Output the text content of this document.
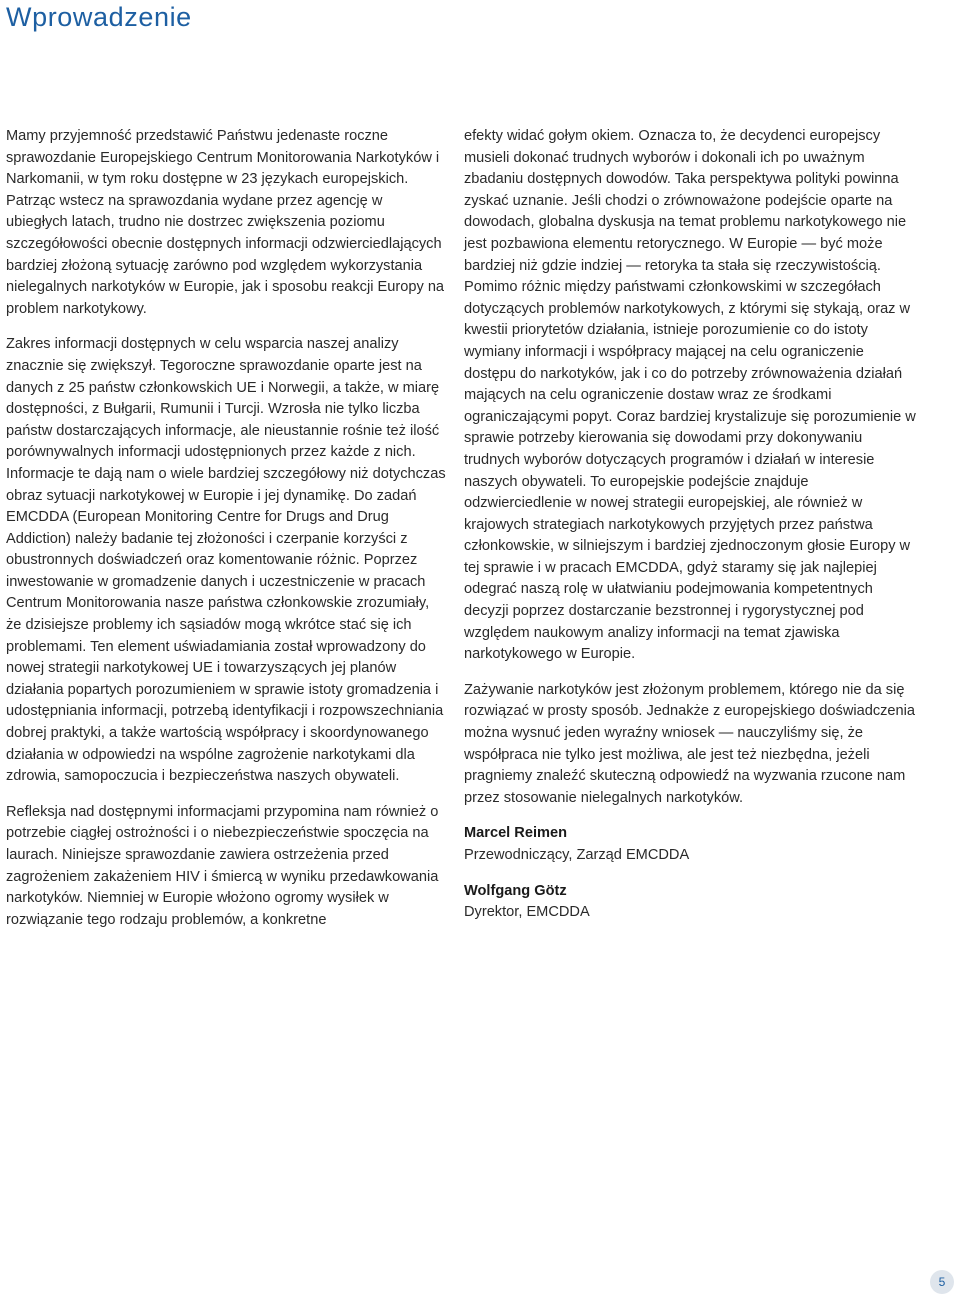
Wprowadzenie

Mamy przyjemność przedstawić Państwu jedenaste roczne sprawozdanie Europejskiego Centrum Monitorowania Narkotyków i Narkomanii, w tym roku dostępne w 23 językach europejskich. Patrząc wstecz na sprawozdania wydane przez agencję w ubiegłych latach, trudno nie dostrzec zwiększenia poziomu szczegółowości obecnie dostępnych informacji odzwierciedlających bardziej złożoną sytuację zarówno pod względem wykorzystania nielegalnych narkotyków w Europie, jak i sposobu reakcji Europy na problem narkotykowy.

Zakres informacji dostępnych w celu wsparcia naszej analizy znacznie się zwiększył. Tegoroczne sprawozdanie oparte jest na danych z 25 państw członkowskich UE i Norwegii, a także, w miarę dostępności, z Bułgarii, Rumunii i Turcji. Wzrosła nie tylko liczba państw dostarczających informacje, ale nieustannie rośnie też ilość porównywalnych informacji udostępnionych przez każde z nich. Informacje te dają nam o wiele bardziej szczegółowy niż dotychczas obraz sytuacji narkotykowej w Europie i jej dynamikę. Do zadań EMCDDA (European Monitoring Centre for Drugs and Drug Addiction) należy badanie tej złożoności i czerpanie korzyści z obustronnych doświadczeń oraz komentowanie różnic. Poprzez inwestowanie w gromadzenie danych i uczestniczenie w pracach Centrum Monitorowania nasze państwa członkowskie zrozumiały, że dzisiejsze problemy ich sąsiadów mogą wkrótce stać się ich problemami. Ten element uświadamiania został wprowadzony do nowej strategii narkotykowej UE i towarzyszących jej planów działania popartych porozumieniem w sprawie istoty gromadzenia i udostępniania informacji, potrzebą identyfikacji i rozpowszechniania dobrej praktyki, a także wartością współpracy i skoordynowanego działania w odpowiedzi na wspólne zagrożenie narkotykami dla zdrowia, samopoczucia i bezpieczeństwa naszych obywateli.

Refleksja nad dostępnymi informacjami przypomina nam również o potrzebie ciągłej ostrożności i o niebezpieczeństwie spoczęcia na laurach. Niniejsze sprawozdanie zawiera ostrzeżenia przed zagrożeniem zakażeniem HIV i śmiercą w wyniku przedawkowania narkotyków. Niemniej w Europie włożono ogromy wysiłek w rozwiązanie tego rodzaju problemów, a konkretne

efekty widać gołym okiem. Oznacza to, że decydenci europejscy musieli dokonać trudnych wyborów i dokonali ich po uważnym zbadaniu dostępnych dowodów. Taka perspektywa polityki powinna zyskać uznanie. Jeśli chodzi o zrównoważone podejście oparte na dowodach, globalna dyskusja na temat problemu narkotykowego nie jest pozbawiona elementu retorycznego. W Europie — być może bardziej niż gdzie indziej — retoryka ta stała się rzeczywistością. Pomimo różnic między państwami członkowskimi w szczegółach dotyczących problemów narkotykowych, z którymi się stykają, oraz w kwestii priorytetów działania, istnieje porozumienie co do istoty wymiany informacji i współpracy mającej na celu ograniczenie dostępu do narkotyków, jak i co do potrzeby zrównoważenia działań mających na celu ograniczenie dostaw wraz ze środkami ograniczającymi popyt. Coraz bardziej krystalizuje się porozumienie w sprawie potrzeby kierowania się dowodami przy dokonywaniu trudnych wyborów dotyczących programów i działań w interesie naszych obywateli. To europejskie podejście znajduje odzwierciedlenie w nowej strategii europejskiej, ale również w krajowych strategiach narkotykowych przyjętych przez państwa członkowskie, w silniejszym i bardziej zjednoczonym głosie Europy w tej sprawie i w pracach EMCDDA, gdyż staramy się jak najlepiej odegrać naszą rolę w ułatwianiu podejmowania kompetentnych decyzji poprzez dostarczanie bezstronnej i rygorystycznej pod względem naukowym analizy informacji na temat zjawiska narkotykowego w Europie.

Zażywanie narkotyków jest złożonym problemem, którego nie da się rozwiązać w prosty sposób. Jednakże z europejskiego doświadczenia można wysnuć jeden wyraźny wniosek — nauczyliśmy się, że współpraca nie tylko jest możliwa, ale jest też niezbędna, jeżeli pragniemy znaleźć skuteczną odpowiedź na wyzwania rzucone nam przez stosowanie nielegalnych narkotyków.

Marcel Reimen
Przewodniczący, Zarząd EMCDDA
Wolfgang Götz
Dyrektor, EMCDDA
5
